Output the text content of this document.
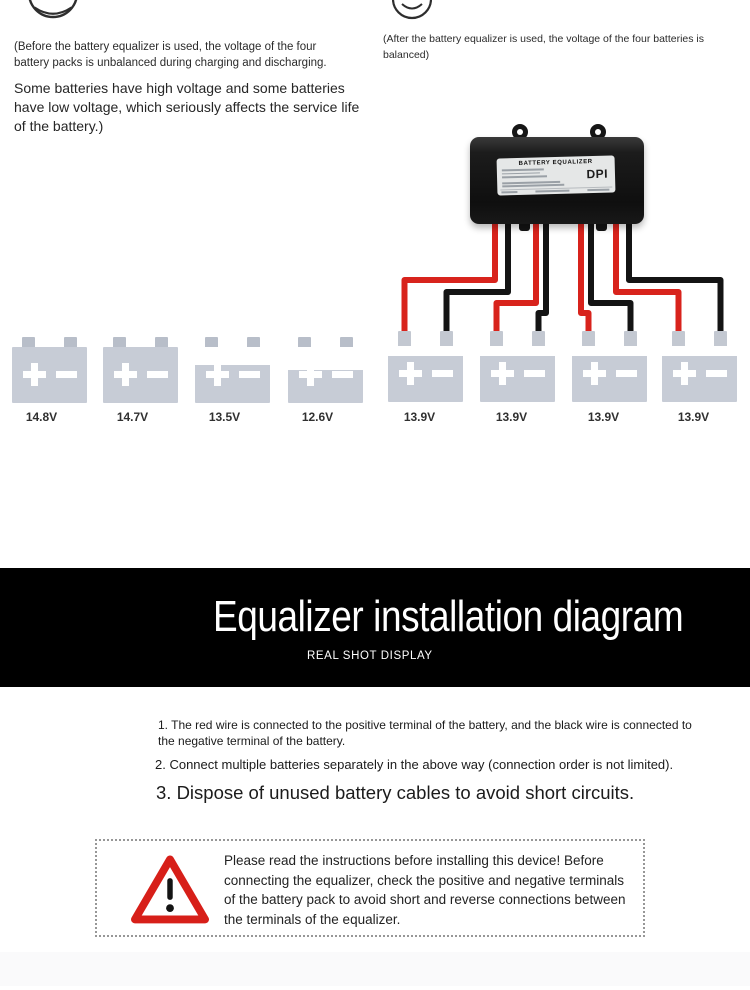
(Before the battery equalizer is used, the voltage of the four battery packs is unbalanced during charging and discharging.

Some batteries have high voltage and some batteries have low voltage, which seriously affects the service life of the battery.)

(After the battery equalizer is used, the voltage of the four batteries is balanced)

BATTERY EQUALIZER
DPI
14.8V	14.7V	13.5V	12.6V	13.9V	13.9V	13.9V	13.9V
Equalizer installation diagram
REAL SHOT DISPLAY

1. The red wire is connected to the positive terminal of the battery, and the black wire is connected to the negative terminal of the battery.

2. Connect multiple batteries separately in the above way (connection order is not limited).

3. Dispose of unused battery cables to avoid short circuits.

Please read the instructions before installing this device! Before connecting the equalizer, check the positive and negative terminals of the battery pack to avoid short and reverse connections between the terminals of the equalizer.
